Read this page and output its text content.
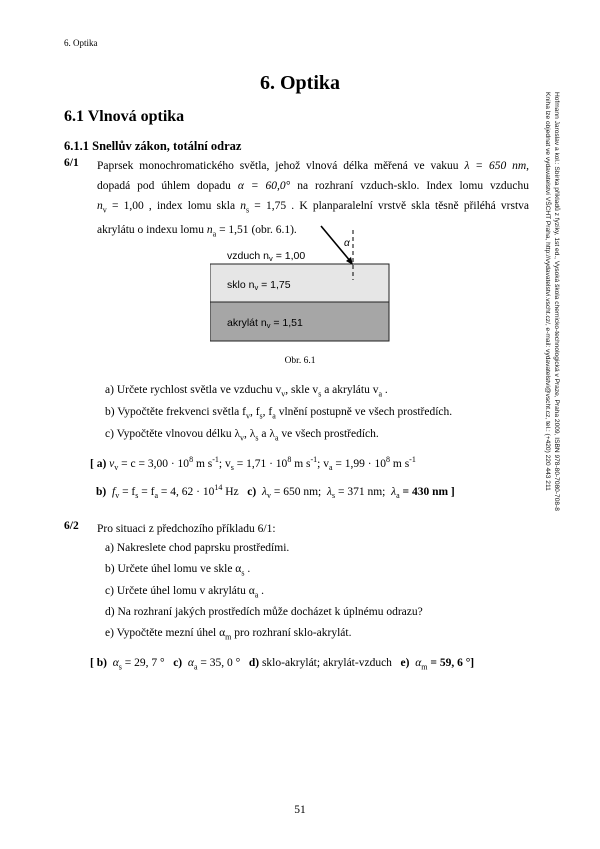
6. Optika
6. Optika
6.1 Vlnová optika
6.1.1 Snellův zákon, totální odraz	Hofmann Jaroslav a kol.: Sbírka příkladů z fyziky, 1st ed., Vysoká škola chemicko-technologická v Praze, Praha 2009, ISBN 978-80-7080-708-8
Kniha lze objednat ve vydavatelství VŠCHT Praha, http://vydavatelstvi.vscht.cz/, e-mail: vydavatelstvi@vscht.cz, tel.: (+420) 220 443 211
6/1 Paprsek monochromatického světla, jehož vlnová délka měřená ve vakuu λ = 650 nm,
dopadá pod úhlem dopadu α = 60,0° na rozhraní vzduch-sklo. Index lomu vzduchu
$n_v = 1,00$ , index lomu skla $n_s = 1,75$ . K planparalelní vrstvě skla těsně přiléhá vrstva
akrylátu o indexu lomu $n_a = 1,51$ (obr. 6.1).
α
vzduch nv = 1,00
sklo nv = 1,75
akrylát nv = 1,51
Obr. 6.1
a) Určete rychlost světla ve vzduchu $v_v$, skle $v_s$ a akrylátu $v_a$ .
b) Vypočtěte frekvenci světla $f_v$, $f_s$, $f_a$ vlnění postupně ve všech prostředích.
c) Vypočtěte vlnovou délku $\lambda_v$, $\lambda_s$ a $\lambda_a$ ve všech prostředích.
[ a) $v_v = c = 3,00 \cdot 10^8$ m $s^{-1}$; $v_s = 1,71 \cdot 10^8$ m $s^{-1}$; $v_a = 1,99 \cdot 10^8$ m $s^{-1}$
b) $f_v = f_s = f_a = 4$, $62 \cdot 10^{14}$ Hz c) $\lambda_v = 650$ nm; $\lambda_s = 371$ nm; $\lambda_a = 430$ nm ]
6/2 Pro situaci z předchozího příkladu 6/1:
a) Nakreslete chod paprsku prostředími.
b) Určete úhel lomu ve skle $\alpha_s$ .
c) Určete úhel lomu v akrylátu $\alpha_a$ .
d) Na rozhraní jakých prostředích může docházet k úplnému odrazu?
e) Vypočtěte mezní úhel $\alpha_m$ pro rozhraní sklo-akrylát.
[ b) $\alpha_s = 29$, 7 ° c) $\alpha_a = 35$, 0 ° d) sklo-akrylát; akrylát-vzduch e) $\alpha_m = 59$, 6 °]
51
